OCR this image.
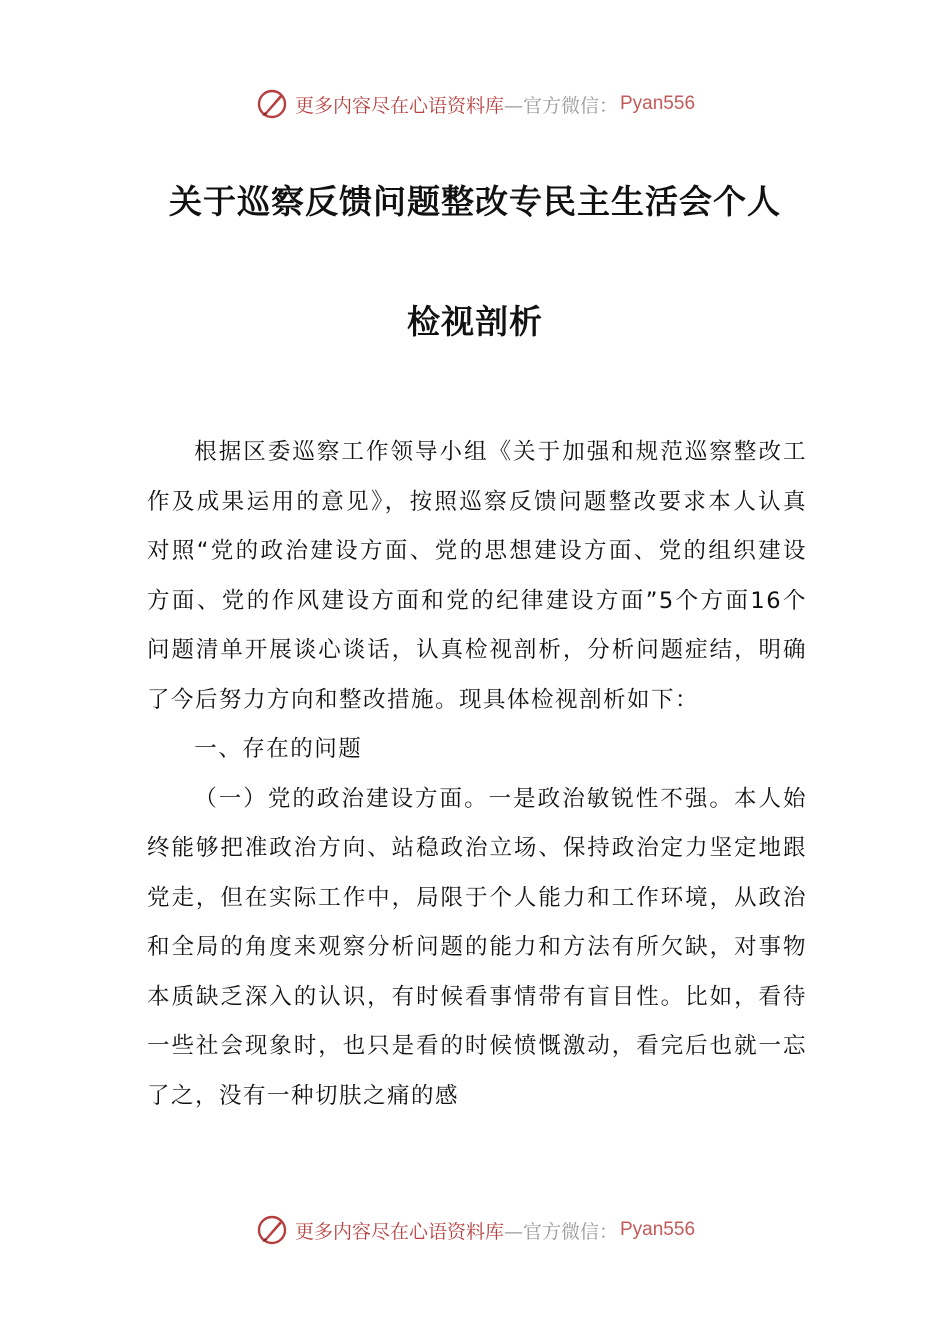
更多内容尽在心语资料库 —官方微信： Pyan556
关于巡察反馈问题整改专民主生活会个人
检视剖析

根据区委巡察工作领导小组《关于加强和规范巡察整改工作及成果运用的意见》，按照巡察反馈问题整改要求本人认真对照“党的政治建设方面、党的思想建设方面、党的组织建设方面、党的作风建设方面和党的纪律建设方面”5个方面16个问题清单开展谈心谈话，认真检视剖析，分析问题症结，明确了今后努力方向和整改措施。现具体检视剖析如下：

一、存在的问题

（一）党的政治建设方面。一是政治敏锐性不强。本人始终能够把准政治方向、站稳政治立场、保持政治定力坚定地跟党走，但在实际工作中，局限于个人能力和工作环境，从政治和全局的角度来观察分析问题的能力和方法有所欠缺，对事物本质缺乏深入的认识，有时候看事情带有盲目性。比如，看待一些社会现象时，也只是看的时候愤慨激动，看完后也就一忘了之，没有一种切肤之痛的感

更多内容尽在心语资料库 —官方微信： Pyan556
